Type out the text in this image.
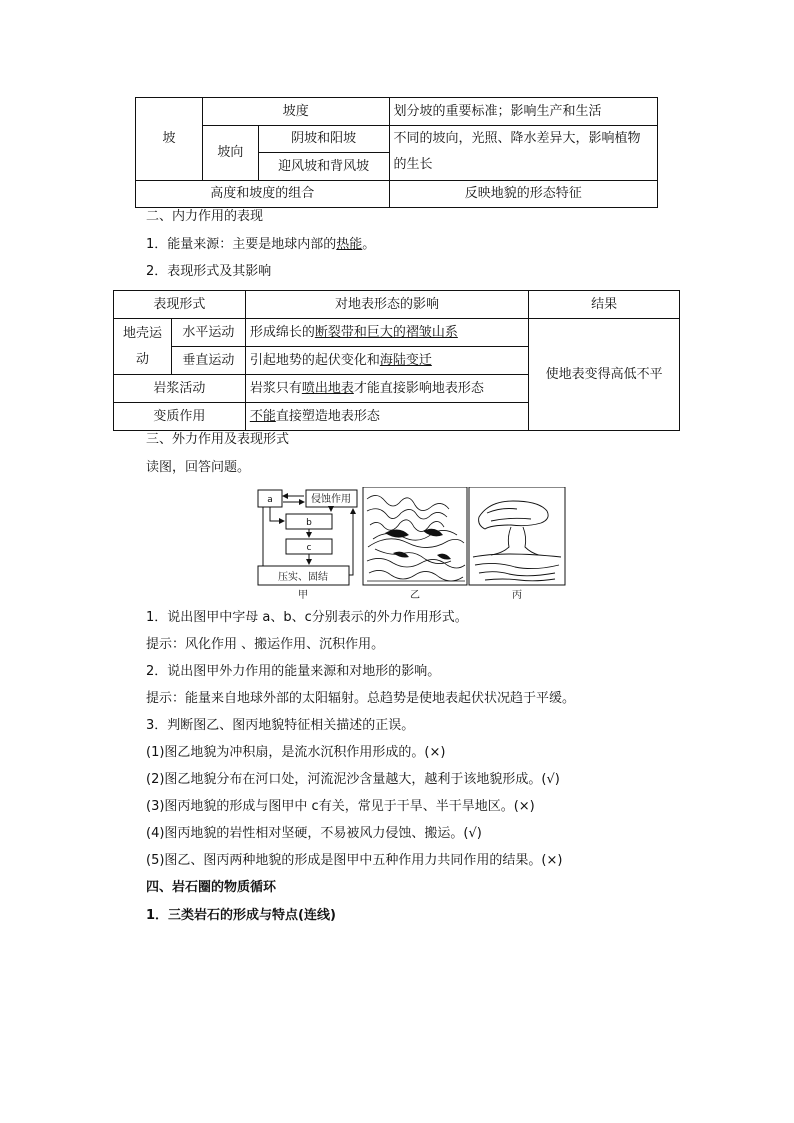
坡	坡度		划分坡的重要标准；影响生产和生活
	坡向	阴坡和阳坡	不同的坡向，光照、降水差异大，影响植物的生长
		迎风坡和背风坡	
高度和坡度的组合			反映地貌的形态特征
二、内力作用的表现
1．能量来源：主要是地球内部的热能。
2．表现形式及其影响
表现形式		对地表形态的影响	结果
地壳运动	水平运动	形成绵长的断裂带和巨大的褶皱山系	使地表变得高低不平
	垂直运动	引起地势的起伏变化和海陆变迁	
岩浆活动		岩浆只有喷出地表才能直接影响地表形态	
变质作用		不能直接塑造地表形态	
三、外力作用及表现形式
读图，回答问题。
a	侵蚀作用
b
c
压实、固结
甲	乙	丙
1．说出图甲中字母 a、b、c分别表示的外力作用形式。
提示：风化作用 、搬运作用、沉积作用。
2．说出图甲外力作用的能量来源和对地形的影响。
提示：能量来自地球外部的太阳辐射。总趋势是使地表起伏状况趋于平缓。
3．判断图乙、图丙地貌特征相关描述的正误。
(1)图乙地貌为冲积扇，是流水沉积作用形成的。(×)
(2)图乙地貌分布在河口处，河流泥沙含量越大，越利于该地貌形成。(√)
(3)图丙地貌的形成与图甲中 c有关，常见于干旱、半干旱地区。(×)
(4)图丙地貌的岩性相对坚硬，不易被风力侵蚀、搬运。(√)
(5)图乙、图丙两种地貌的形成是图甲中五种作用力共同作用的结果。(×)
四、岩石圈的物质循环
1．三类岩石的形成与特点(连线)
